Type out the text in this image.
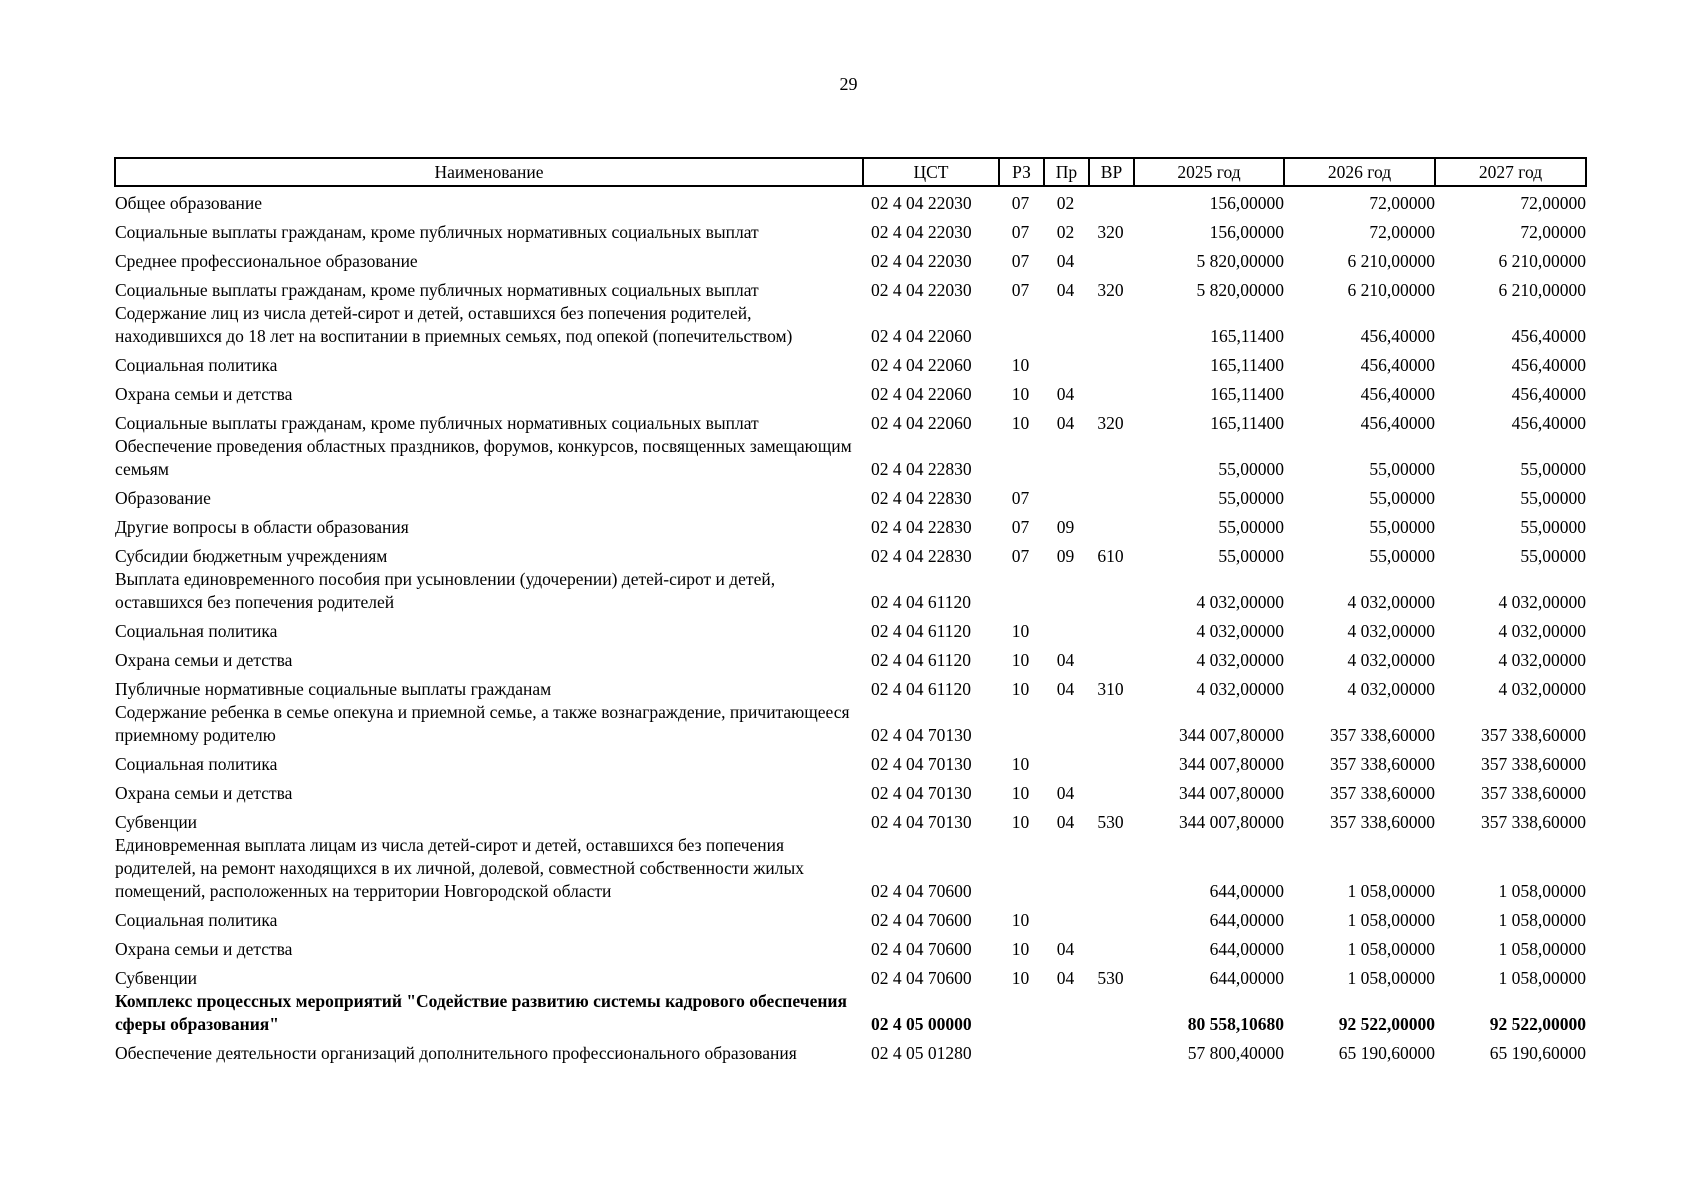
29
Наименование	ЦСТ	РЗ	Пр	ВР	2025 год	2026 год	2027 год
Общее образование	02 4 04 22030	07	02		156,00000	72,00000	72,00000
Социальные выплаты гражданам, кроме публичных нормативных социальных выплат	02 4 04 22030	07	02	320	156,00000	72,00000	72,00000
Среднее профессиональное образование	02 4 04 22030	07	04		5 820,00000	6 210,00000	6 210,00000
Социальные выплаты гражданам, кроме публичных нормативных социальных выплат	02 4 04 22030	07	04	320	5 820,00000	6 210,00000	6 210,00000
Содержание лиц из числа детей-сирот и детей, оставшихся без попечения родителей, находившихся до 18 лет на воспитании в приемных семьях, под опекой (попечительством)	02 4 04 22060				165,11400	456,40000	456,40000
Социальная политика	02 4 04 22060	10			165,11400	456,40000	456,40000
Охрана семьи и детства	02 4 04 22060	10	04		165,11400	456,40000	456,40000
Социальные выплаты гражданам, кроме публичных нормативных социальных выплат	02 4 04 22060	10	04	320	165,11400	456,40000	456,40000
Обеспечение проведения областных праздников, форумов, конкурсов, посвященных замещающим семьям	02 4 04 22830				55,00000	55,00000	55,00000
Образование	02 4 04 22830	07			55,00000	55,00000	55,00000
Другие вопросы в области образования	02 4 04 22830	07	09		55,00000	55,00000	55,00000
Субсидии бюджетным учреждениям	02 4 04 22830	07	09	610	55,00000	55,00000	55,00000
Выплата единовременного пособия при усыновлении (удочерении) детей-сирот и детей, оставшихся без попечения родителей	02 4 04 61120				4 032,00000	4 032,00000	4 032,00000
Социальная политика	02 4 04 61120	10			4 032,00000	4 032,00000	4 032,00000
Охрана семьи и детства	02 4 04 61120	10	04		4 032,00000	4 032,00000	4 032,00000
Публичные нормативные социальные выплаты гражданам	02 4 04 61120	10	04	310	4 032,00000	4 032,00000	4 032,00000
Содержание ребенка в семье опекуна и приемной семье, а также вознаграждение, причитающееся приемному родителю	02 4 04 70130				344 007,80000	357 338,60000	357 338,60000
Социальная политика	02 4 04 70130	10			344 007,80000	357 338,60000	357 338,60000
Охрана семьи и детства	02 4 04 70130	10	04		344 007,80000	357 338,60000	357 338,60000
Субвенции	02 4 04 70130	10	04	530	344 007,80000	357 338,60000	357 338,60000
Единовременная выплата лицам из числа детей-сирот и детей, оставшихся без попечения родителей, на ремонт находящихся в их личной, долевой, совместной собственности жилых помещений, расположенных на территории Новгородской области	02 4 04 70600				644,00000	1 058,00000	1 058,00000
Социальная политика	02 4 04 70600	10			644,00000	1 058,00000	1 058,00000
Охрана семьи и детства	02 4 04 70600	10	04		644,00000	1 058,00000	1 058,00000
Субвенции	02 4 04 70600	10	04	530	644,00000	1 058,00000	1 058,00000
Комплекс процессных мероприятий "Содействие развитию системы кадрового обеспечения сферы образования"	02 4 05 00000				80 558,10680	92 522,00000	92 522,00000
Обеспечение деятельности организаций дополнительного профессионального образования	02 4 05 01280				57 800,40000	65 190,60000	65 190,60000
